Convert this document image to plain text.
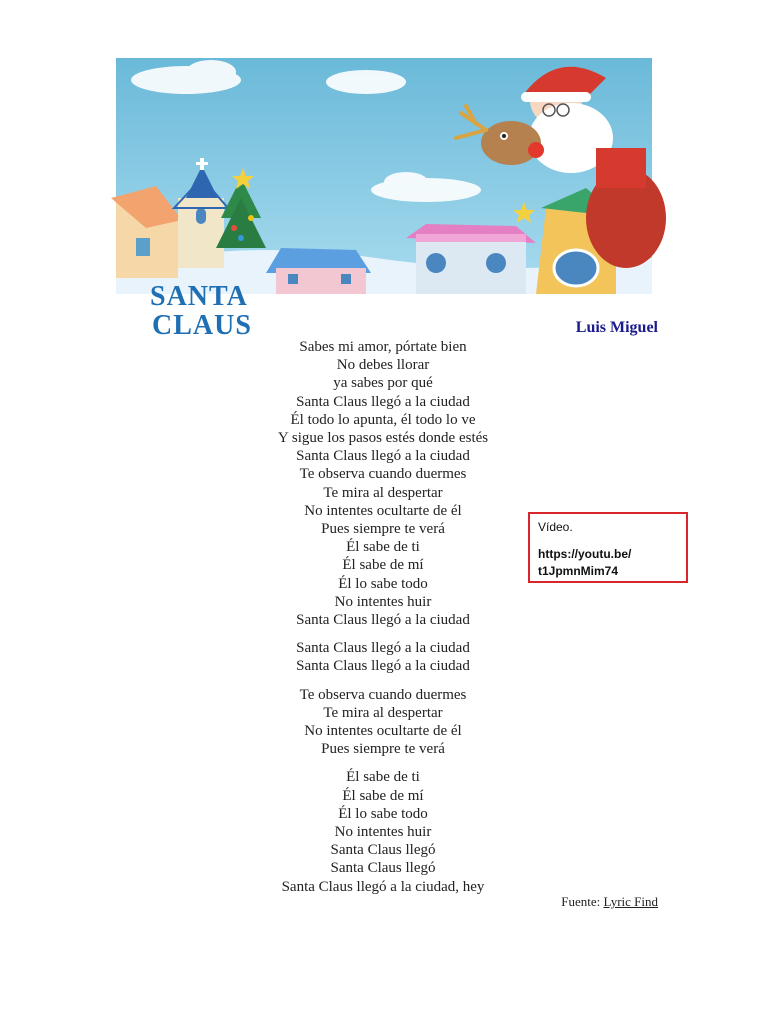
SANTA
CLAUS	Luis Miguel
Sabes mi amor, pórtate bien
No debes llorar
ya sabes por qué
Santa Claus llegó a la ciudad
Él todo lo apunta, él todo lo ve
Y sigue los pasos estés donde estés
Santa Claus llegó a la ciudad
Te observa cuando duermes
Te mira al despertar
No intentes ocultarte de él
Pues siempre te verá
Él sabe de ti
Él sabe de mí
Él lo sabe todo
No intentes huir
Santa Claus llegó a la ciudad
Santa Claus llegó a la ciudad
Santa Claus llegó a la ciudad
Te observa cuando duermes
Te mira al despertar
No intentes ocultarte de él
Pues siempre te verá
Él sabe de ti
Él sabe de mí
Él lo sabe todo
No intentes huir
Santa Claus llegó
Santa Claus llegó
Santa Claus llegó a la ciudad, hey
Vídeo.
https://youtu.be/
t1JpmnMim74
Fuente: Lyric Find
